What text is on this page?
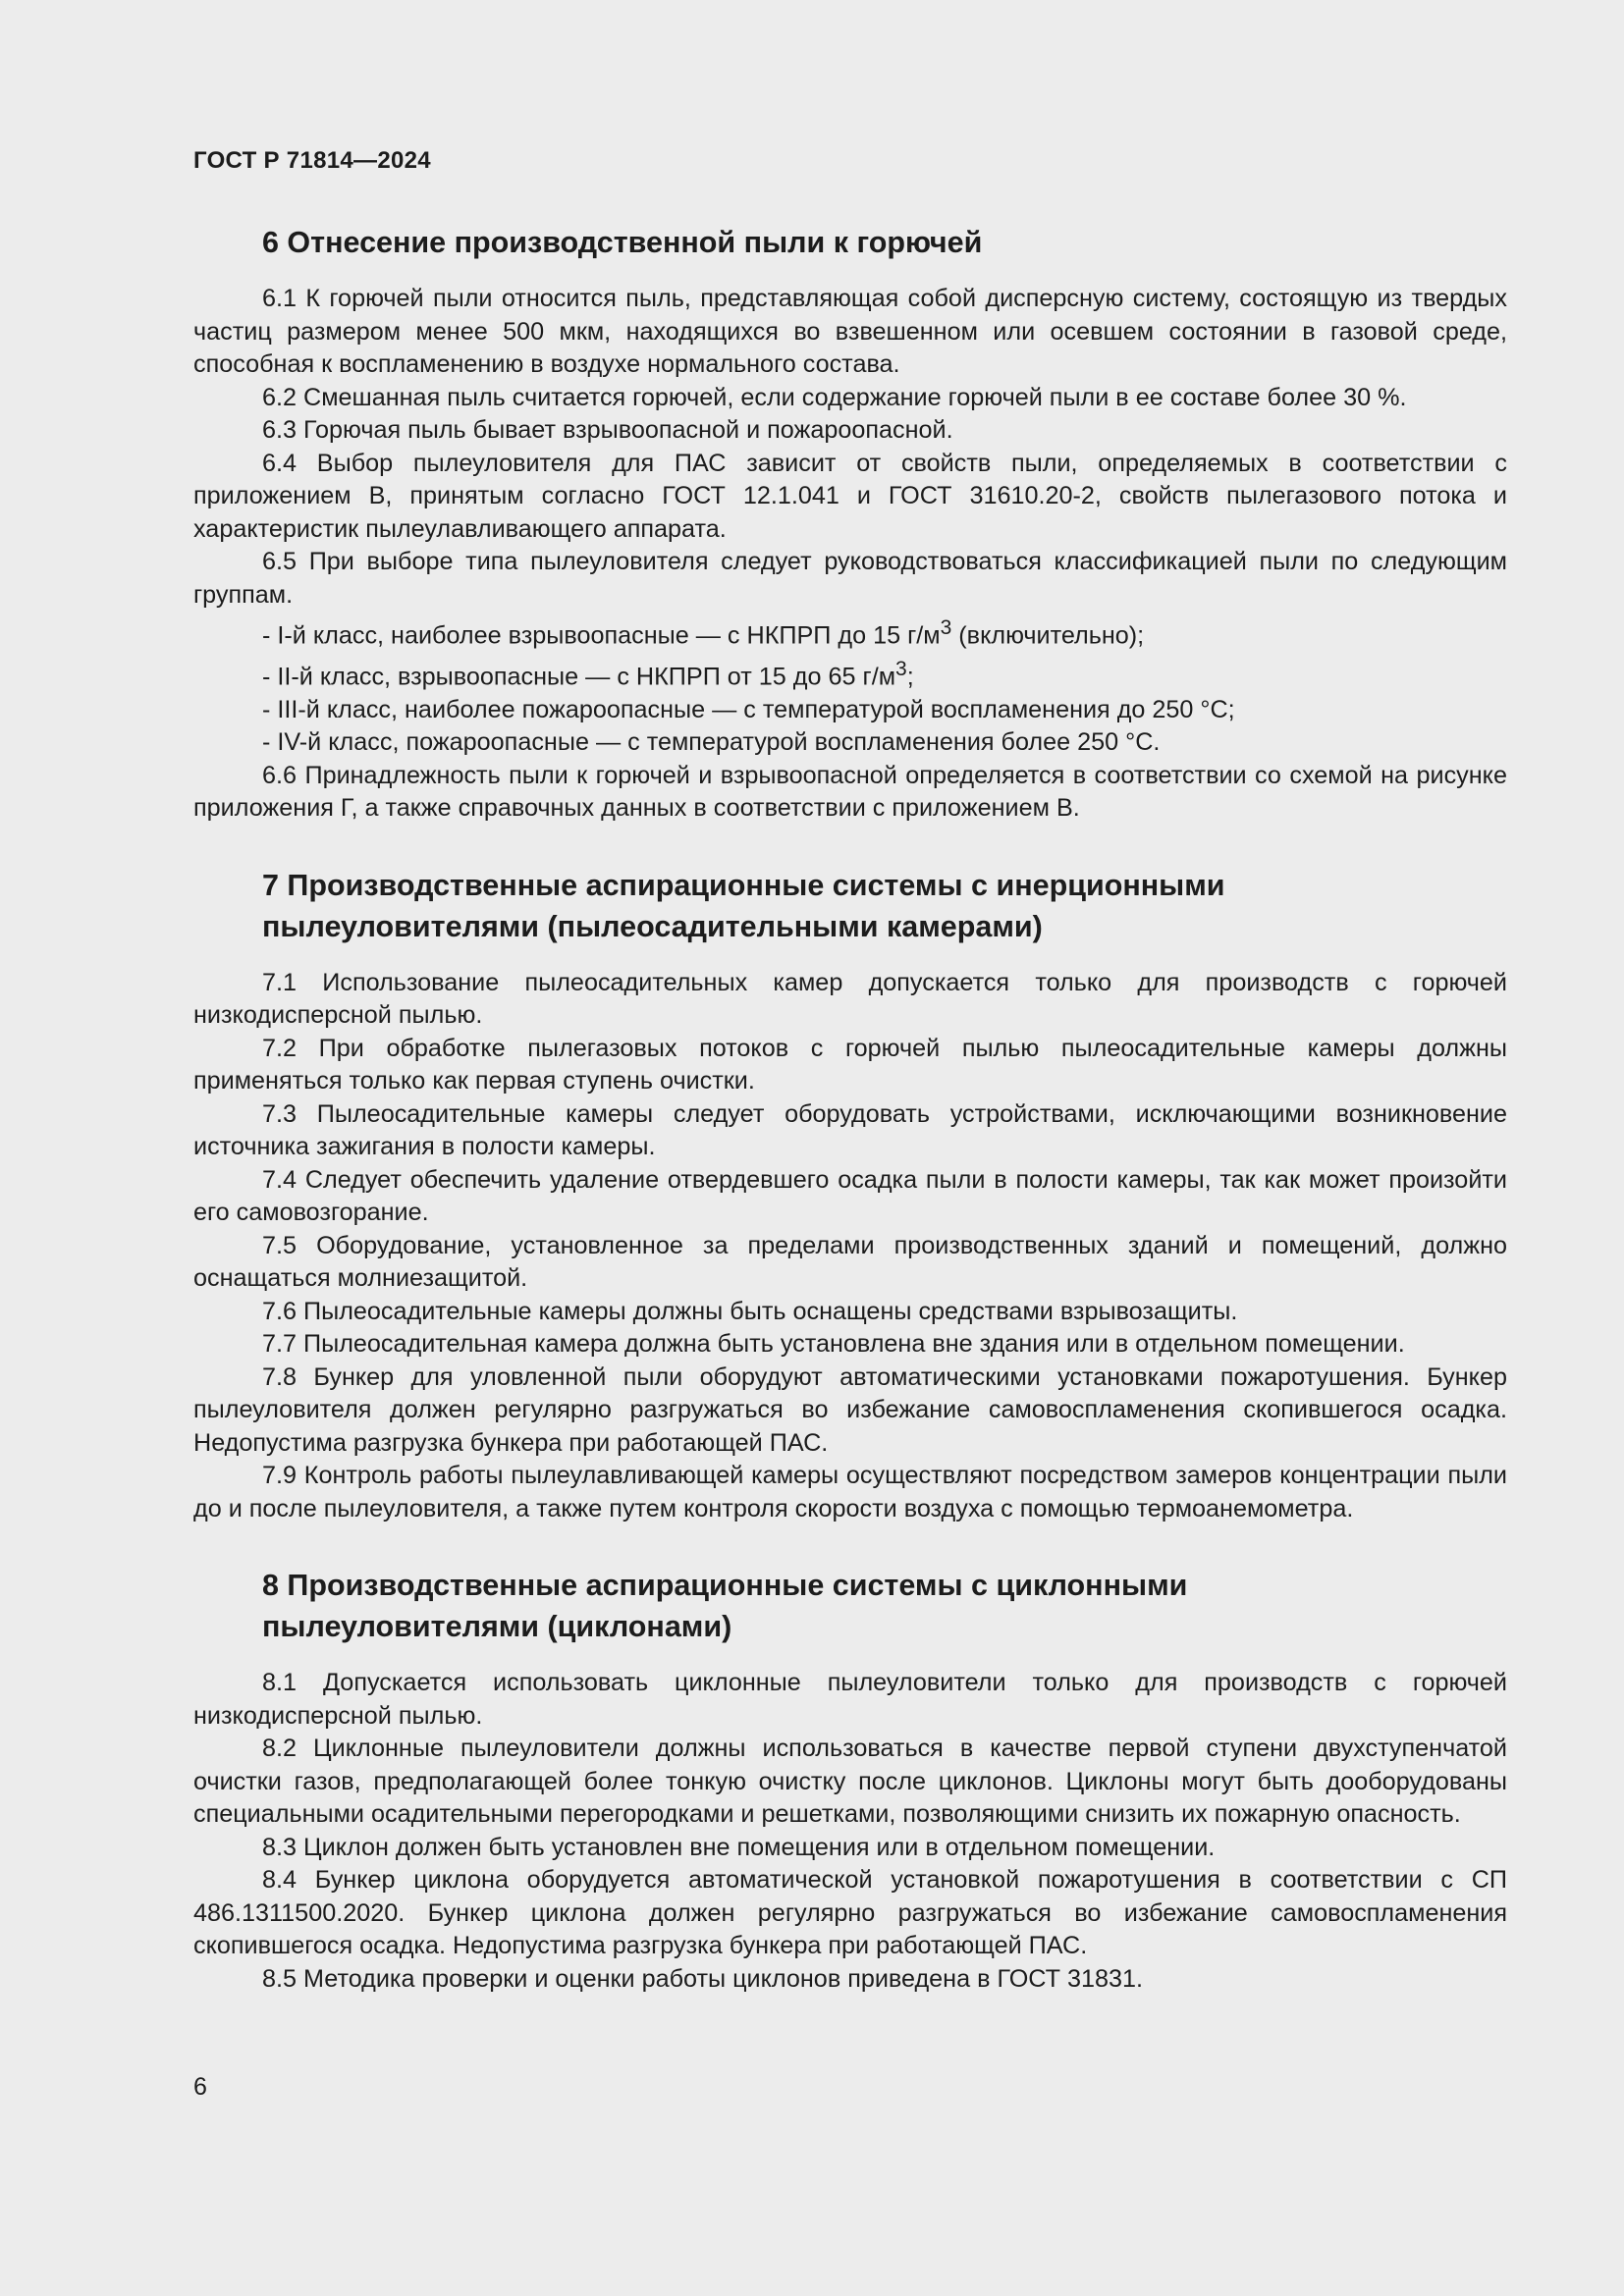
ГОСТ Р 71814—2024
6 Отнесение производственной пыли к горючей

6.1 К горючей пыли относится пыль, представляющая собой дисперсную систему, состоящую из твердых частиц размером менее 500 мкм, находящихся во взвешенном или осевшем состоянии в газовой среде, способная к воспламенению в воздухе нормального состава.

6.2 Смешанная пыль считается горючей, если содержание горючей пыли в ее составе более 30 %.

6.3 Горючая пыль бывает взрывоопасной и пожароопасной.

6.4 Выбор пылеуловителя для ПАС зависит от свойств пыли, определяемых в соответствии с приложением В, принятым согласно ГОСТ 12.1.041 и ГОСТ 31610.20-2, свойств пылегазового потока и характеристик пылеулавливающего аппарата.

6.5 При выборе типа пылеуловителя следует руководствоваться классификацией пыли по следующим группам.

- I-й класс, наиболее взрывоопасные — с НКПРП до 15 $г/м^3$ (включительно);

- II-й класс, взрывоопасные — с НКПРП от 15 до 65 $г/м^3$;

- III-й класс, наиболее пожароопасные — с температурой воспламенения до 250 °С;

- IV-й класс, пожароопасные — с температурой воспламенения более 250 °С.

6.6 Принадлежность пыли к горючей и взрывоопасной определяется в соответствии со схемой на рисунке приложения Г, а также справочных данных в соответствии с приложением В.

7 Производственные аспирационные системы с инерционными
пылеуловителями (пылеосадительными камерами)

7.1 Использование пылеосадительных камер допускается только для производств с горючей низкодисперсной пылью.

7.2 При обработке пылегазовых потоков с горючей пылью пылеосадительные камеры должны применяться только как первая ступень очистки.

7.3 Пылеосадительные камеры следует оборудовать устройствами, исключающими возникновение источника зажигания в полости камеры.

7.4 Следует обеспечить удаление отвердевшего осадка пыли в полости камеры, так как может произойти его самовозгорание.

7.5 Оборудование, установленное за пределами производственных зданий и помещений, должно оснащаться молниезащитой.

7.6 Пылеосадительные камеры должны быть оснащены средствами взрывозащиты.

7.7 Пылеосадительная камера должна быть установлена вне здания или в отдельном помещении.

7.8 Бункер для уловленной пыли оборудуют автоматическими установками пожаротушения. Бункер пылеуловителя должен регулярно разгружаться во избежание самовоспламенения скопившегося осадка. Недопустима разгрузка бункера при работающей ПАС.

7.9 Контроль работы пылеулавливающей камеры осуществляют посредством замеров концентрации пыли до и после пылеуловителя, а также путем контроля скорости воздуха с помощью термоанемометра.

8 Производственные аспирационные системы с циклонными
пылеуловителями (циклонами)

8.1 Допускается использовать циклонные пылеуловители только для производств с горючей низкодисперсной пылью.

8.2 Циклонные пылеуловители должны использоваться в качестве первой ступени двухступенчатой очистки газов, предполагающей более тонкую очистку после циклонов. Циклоны могут быть дооборудованы специальными осадительными перегородками и решетками, позволяющими снизить их пожарную опасность.

8.3 Циклон должен быть установлен вне помещения или в отдельном помещении.

8.4 Бункер циклона оборудуется автоматической установкой пожаротушения в соответствии с СП 486.1311500.2020. Бункер циклона должен регулярно разгружаться во избежание самовоспламенения скопившегося осадка. Недопустима разгрузка бункера при работающей ПАС.

8.5 Методика проверки и оценки работы циклонов приведена в ГОСТ 31831.

6
